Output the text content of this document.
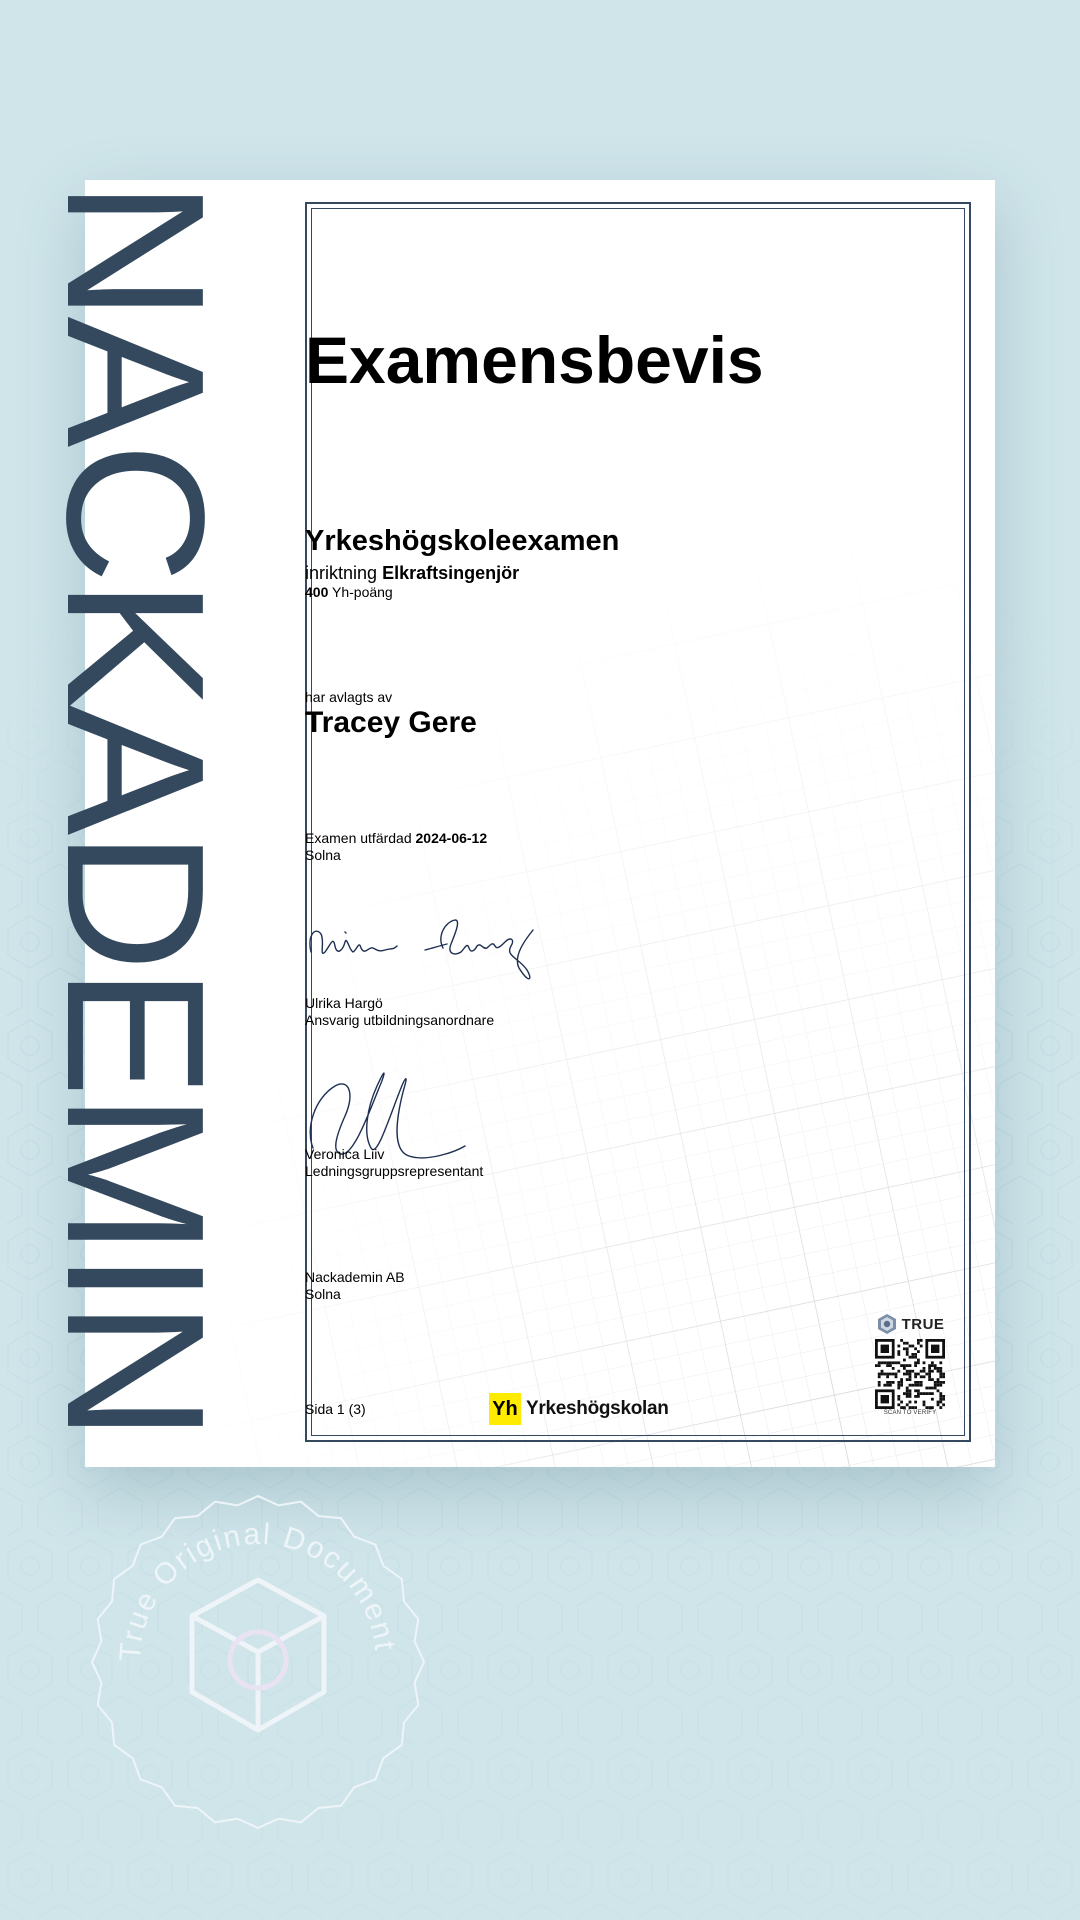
NACKADEMIN Examensbevis
Yrkeshögskoleexamen
inriktning Elkraftsingenjör
400 Yh-poäng
har avlagts av
Tracey Gere
Examen utfärdad 2024-06-12
Solna
Ulrika Hargö
Ansvarig utbildningsanordnare
Veronica Liiv
Ledningsgruppsrepresentant
Nackademin AB
Solna
Sida 1 (3)	Yh Yrkeshögskolan
TRUE
SCAN TO VERIFY
True Original Document
